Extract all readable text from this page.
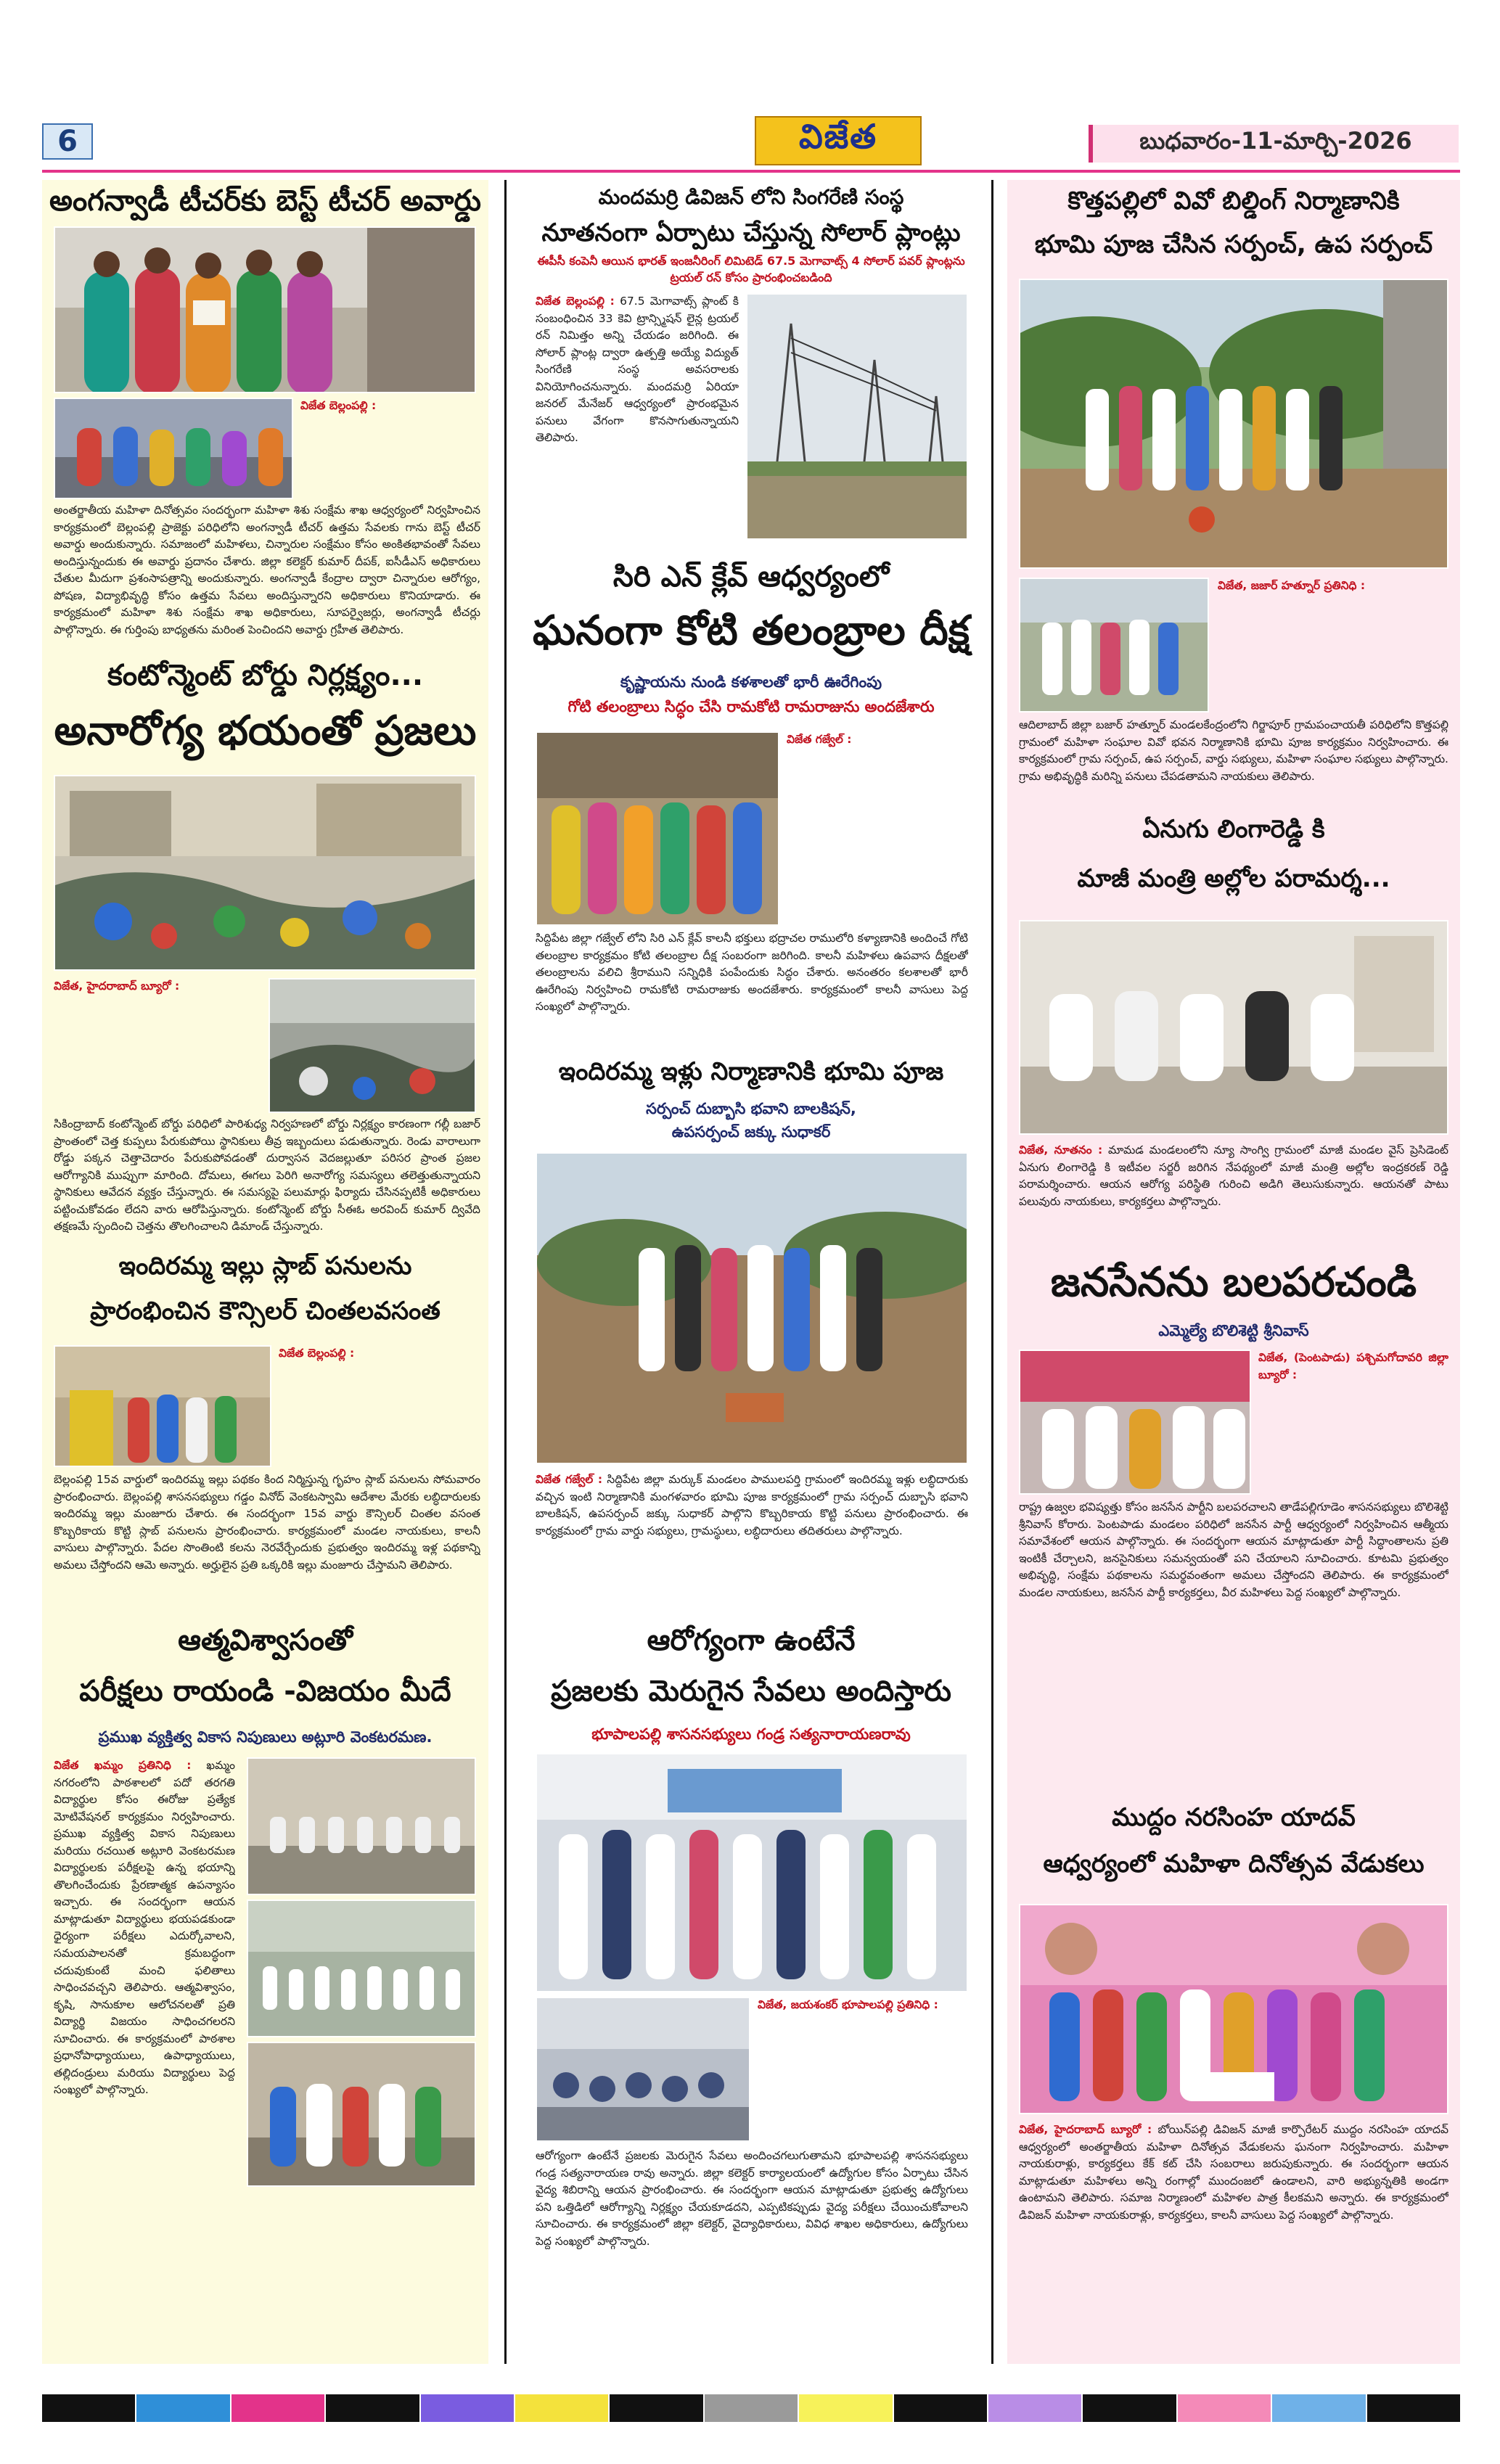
6	విజేత	బుధవారం-11-మార్చి-2026
అంగన్వాడీ టీచర్‌కు బెస్ట్ టీచర్ అవార్డు
విజేత బెల్లంపల్లి :
అంతర్జాతీయ మహిళా దినోత్సవం సందర్భంగా మహిళా శిశు సంక్షేమ శాఖ ఆధ్వర్యంలో నిర్వహించిన కార్యక్రమంలో బెల్లంపల్లి ప్రాజెక్టు పరిధిలోని అంగన్వాడీ టీచర్ ఉత్తమ సేవలకు గాను బెస్ట్ టీచర్ అవార్డు అందుకున్నారు. సమాజంలో మహిళలు, చిన్నారుల సంక్షేమం కోసం అంకితభావంతో సేవలు అందిస్తున్నందుకు ఈ అవార్డు ప్రదానం చేశారు. జిల్లా కలెక్టర్ కుమార్ దీపక్, ఐసీడీఎస్ అధికారులు చేతుల మీదుగా ప్రశంసాపత్రాన్ని అందుకున్నారు. అంగన్వాడీ కేంద్రాల ద్వారా చిన్నారుల ఆరోగ్యం, పోషణ, విద్యాభివృద్ధి కోసం ఉత్తమ సేవలు అందిస్తున్నారని అధికారులు కొనియాడారు. ఈ కార్యక్రమంలో మహిళా శిశు సంక్షేమ శాఖ అధికారులు, సూపర్వైజర్లు, అంగన్వాడీ టీచర్లు పాల్గొన్నారు. ఈ గుర్తింపు బాధ్యతను మరింత పెంచిందని అవార్డు గ్రహీత తెలిపారు.
కంటోన్మెంట్ బోర్డు నిర్లక్ష్యం...
అనారోగ్య భయంతో ప్రజలు
విజేత, హైదరాబాద్ బ్యూరో :
సికింద్రాబాద్ కంటోన్మెంట్ బోర్డు పరిధిలో పారిశుధ్య నిర్వహణలో బోర్డు నిర్లక్ష్యం కారణంగా గల్లీ బజార్ ప్రాంతంలో చెత్త కుప్పలు పేరుకుపోయి స్థానికులు తీవ్ర ఇబ్బందులు పడుతున్నారు. రెండు వారాలుగా రోడ్డు పక్కన చెత్తాచెదారం పేరుకుపోవడంతో దుర్వాసన వెదజల్లుతూ పరిసర ప్రాంత ప్రజల ఆరోగ్యానికి ముప్పుగా మారింది. దోమలు, ఈగలు పెరిగి అనారోగ్య సమస్యలు తలెత్తుతున్నాయని స్థానికులు ఆవేదన వ్యక్తం చేస్తున్నారు. ఈ సమస్యపై పలుమార్లు ఫిర్యాదు చేసినప్పటికీ అధికారులు పట్టించుకోవడం లేదని వారు ఆరోపిస్తున్నారు. కంటోన్మెంట్ బోర్డు సీఈఓ అరవింద్ కుమార్ ద్వివేది తక్షణమే స్పందించి చెత్తను తొలగించాలని డిమాండ్ చేస్తున్నారు.
ఇందిరమ్మ ఇల్లు స్లాబ్ పనులను
ప్రారంభించిన కౌన్సిలర్ చింతలవసంత
విజేత బెల్లంపల్లి :
బెల్లంపల్లి 15వ వార్డులో ఇందిరమ్మ ఇల్లు పథకం కింద నిర్మిస్తున్న గృహం స్లాబ్ పనులను సోమవారం ప్రారంభించారు. బెల్లంపల్లి శాసనసభ్యులు గడ్డం వినోద్ వెంకటస్వామి ఆదేశాల మేరకు లబ్ధిదారులకు ఇందిరమ్మ ఇల్లు మంజూరు చేశారు. ఈ సందర్భంగా 15వ వార్డు కౌన్సిలర్ చింతల వసంత కొబ్బరికాయ కొట్టి స్లాబ్ పనులను ప్రారంభించారు. కార్యక్రమంలో మండల నాయకులు, కాలనీ వాసులు పాల్గొన్నారు. పేదల సొంతింటి కలను నెరవేర్చేందుకు ప్రభుత్వం ఇందిరమ్మ ఇళ్ల పథకాన్ని అమలు చేస్తోందని ఆమె అన్నారు. అర్హులైన ప్రతి ఒక్కరికి ఇల్లు మంజూరు చేస్తామని తెలిపారు.
ఆత్మవిశ్వాసంతో
పరీక్షలు రాయండి -విజయం మీదే
ప్రముఖ వ్యక్తిత్వ వికాస నిపుణులు అట్లూరి వెంకటరమణ.
విజేత ఖమ్మం ప్రతినిధి : ఖమ్మం నగరంలోని పాఠశాలలో పదో తరగతి విద్యార్థుల కోసం ఈరోజు ప్రత్యేక మోటివేషనల్ కార్యక్రమం నిర్వహించారు. ప్రముఖ వ్యక్తిత్వ వికాస నిపుణులు మరియు రచయిత అట్లూరి వెంకటరమణ విద్యార్థులకు పరీక్షలపై ఉన్న భయాన్ని తొలగించేందుకు ప్రేరణాత్మక ఉపన్యాసం ఇచ్చారు. ఈ సందర్భంగా ఆయన మాట్లాడుతూ విద్యార్థులు భయపడకుండా ధైర్యంగా పరీక్షలు ఎదుర్కోవాలని, సమయపాలనతో క్రమబద్ధంగా చదువుకుంటే మంచి ఫలితాలు సాధించవచ్చని తెలిపారు. ఆత్మవిశ్వాసం, కృషి, సానుకూల ఆలోచనలతో ప్రతి విద్యార్థి విజయం సాధించగలరని సూచించారు. ఈ కార్యక్రమంలో పాఠశాల ప్రధానోపాధ్యాయులు, ఉపాధ్యాయులు, తల్లిదండ్రులు మరియు విద్యార్థులు పెద్ద సంఖ్యలో పాల్గొన్నారు.
మందమర్రి డివిజన్ లోని సింగరేణి సంస్థ
నూతనంగా ఏర్పాటు చేస్తున్న సోలార్ ప్లాంట్లు
ఈపీసీ కంపెనీ ఆయిన భారత్ ఇంజనీరింగ్ లిమిటెడ్ 67.5 మెగావాట్స్ 4 సోలార్ పవర్ ప్లాంట్లను ట్రయల్ రన్ కోసం ప్రారంభించబడింది
విజేత బెల్లంపల్లి : 67.5 మెగావాట్స్ ప్లాంట్ కి సంబంధించిన 33 కెవి ట్రాన్స్మిషన్ లైన్ల ట్రయల్ రన్ నిమిత్తం అన్ని చేయడం జరిగింది. ఈ సోలార్ ప్లాంట్ల ద్వారా ఉత్పత్తి అయ్యే విద్యుత్ సింగరేణి సంస్థ అవసరాలకు వినియోగించనున్నారు. మందమర్రి ఏరియా జనరల్ మేనేజర్ ఆధ్వర్యంలో ప్రారంభమైన పనులు వేగంగా కొనసాగుతున్నాయని తెలిపారు.
సిరి ఎన్ క్లేవ్ ఆధ్వర్యంలో
ఘనంగా కోటి తలంబ్రాల దీక్ష
కృష్ణాయను నుండి కళశాలతో భారీ ఊరేగింపు
గోటి తలంబ్రాలు సిద్ధం చేసి రామకోటి రామరాజును అందజేశారు
విజేత గజ్వేల్ :
సిద్దిపేట జిల్లా గజ్వేల్ లోని సిరి ఎన్ క్లేవ్ కాలనీ భక్తులు భద్రాచల రాములోరి కళ్యాణానికి అందించే గోటి తలంబ్రాల కార్యక్రమం కోటి తలంబ్రాల దీక్ష సంబరంగా జరిగింది. కాలనీ మహిళలు ఉపవాస దీక్షలతో తలంబ్రాలను వలిచి శ్రీరాముని సన్నిధికి పంపేందుకు సిద్ధం చేశారు. అనంతరం కలశాలతో భారీ ఊరేగింపు నిర్వహించి రామకోటి రామరాజుకు అందజేశారు. కార్యక్రమంలో కాలనీ వాసులు పెద్ద సంఖ్యలో పాల్గొన్నారు.
ఇందిరమ్మ ఇళ్లు నిర్మాణానికి భూమి పూజ
సర్పంచ్ దుబ్బాసి భవాని బాలకిషన్,
ఉపసర్పంచ్ జక్కు సుధాకర్
విజేత గజ్వేల్ : సిద్దిపేట జిల్లా మర్కుక్ మండలం పాములపర్తి గ్రామంలో ఇందిరమ్మ ఇళ్లు లబ్ధిదారుకు వచ్చిన ఇంటి నిర్మాణానికి మంగళవారం భూమి పూజ కార్యక్రమంలో గ్రామ సర్పంచ్ దుబ్బాసి భవాని బాలకిషన్, ఉపసర్పంచ్ జక్కు సుధాకర్ పాల్గొని కొబ్బరికాయ కొట్టి పనులు ప్రారంభించారు. ఈ కార్యక్రమంలో గ్రామ వార్డు సభ్యులు, గ్రామస్థులు, లబ్ధిదారులు తదితరులు పాల్గొన్నారు.
ఆరోగ్యంగా ఉంటేనే
ప్రజలకు మెరుగైన సేవలు అందిస్తారు
భూపాలపల్లి శాసనసభ్యులు గండ్ర సత్యనారాయణరావు
విజేత, జయశంకర్ భూపాలపల్లి ప్రతినిధి :
ఆరోగ్యంగా ఉంటేనే ప్రజలకు మెరుగైన సేవలు అందించగలుగుతామని భూపాలపల్లి శాసనసభ్యులు గండ్ర సత్యనారాయణ రావు అన్నారు. జిల్లా కలెక్టర్ కార్యాలయంలో ఉద్యోగుల కోసం ఏర్పాటు చేసిన వైద్య శిబిరాన్ని ఆయన ప్రారంభించారు. ఈ సందర్భంగా ఆయన మాట్లాడుతూ ప్రభుత్వ ఉద్యోగులు పని ఒత్తిడిలో ఆరోగ్యాన్ని నిర్లక్ష్యం చేయకూడదని, ఎప్పటికప్పుడు వైద్య పరీక్షలు చేయించుకోవాలని సూచించారు. ఈ కార్యక్రమంలో జిల్లా కలెక్టర్, వైద్యాధికారులు, వివిధ శాఖల అధికారులు, ఉద్యోగులు పెద్ద సంఖ్యలో పాల్గొన్నారు.
కొత్తపల్లిలో వివో బిల్డింగ్ నిర్మాణానికి
భూమి పూజ చేసిన సర్పంచ్, ఉప సర్పంచ్
విజేత, జజార్ హత్నూర్ ప్రతినిధి :
ఆదిలాబాద్ జిల్లా బజార్ హత్నూర్ మండలకేంద్రంలోని గిర్జాపూర్ గ్రామపంచాయతీ పరిధిలోని కొత్తపల్లి గ్రామంలో మహిళా సంఘాల వివో భవన నిర్మాణానికి భూమి పూజ కార్యక్రమం నిర్వహించారు. ఈ కార్యక్రమంలో గ్రామ సర్పంచ్, ఉప సర్పంచ్, వార్డు సభ్యులు, మహిళా సంఘాల సభ్యులు పాల్గొన్నారు. గ్రామ అభివృద్ధికి మరిన్ని పనులు చేపడతామని నాయకులు తెలిపారు.
ఏనుగు లింగారెడ్డి కి
మాజీ మంత్రి అల్లోల పరామర్శ...
విజేత, నూతనం : మామడ మండలంలోని న్యూ సాంగ్వి గ్రామంలో మాజీ మండల వైస్ ప్రెసిడెంట్ ఏనుగు లింగారెడ్డి కి ఇటీవల సర్జరీ జరిగిన నేపథ్యంలో మాజీ మంత్రి అల్లోల ఇంద్రకరణ్ రెడ్డి పరామర్శించారు. ఆయన ఆరోగ్య పరిస్థితి గురించి అడిగి తెలుసుకున్నారు. ఆయనతో పాటు పలువురు నాయకులు, కార్యకర్తలు పాల్గొన్నారు.
జనసేనను బలపరచండి
ఎమ్మెల్యే బొలిశెట్టి శ్రీనివాస్
విజేత, (పెంటపాడు) పశ్చిమగోదావరి జిల్లా బ్యూరో :
రాష్ట్ర ఉజ్వల భవిష్యత్తు కోసం జనసేన పార్టీని బలపరచాలని తాడేపల్లిగూడెం శాసనసభ్యులు బొలిశెట్టి శ్రీనివాస్ కోరారు. పెంటపాడు మండలం పరిధిలో జనసేన పార్టీ ఆధ్వర్యంలో నిర్వహించిన ఆత్మీయ సమావేశంలో ఆయన పాల్గొన్నారు. ఈ సందర్భంగా ఆయన మాట్లాడుతూ పార్టీ సిద్ధాంతాలను ప్రతి ఇంటికీ చేర్చాలని, జనసైనికులు సమన్వయంతో పని చేయాలని సూచించారు. కూటమి ప్రభుత్వం అభివృద్ధి, సంక్షేమ పథకాలను సమర్థవంతంగా అమలు చేస్తోందని తెలిపారు. ఈ కార్యక్రమంలో మండల నాయకులు, జనసేన పార్టీ కార్యకర్తలు, వీర మహిళలు పెద్ద సంఖ్యలో పాల్గొన్నారు.
ముద్దం నరసింహ యాదవ్
ఆధ్వర్యంలో మహిళా దినోత్సవ వేడుకలు
విజేత, హైదరాబాద్ బ్యూరో : బోయిన్‌పల్లి డివిజన్ మాజీ కార్పొరేటర్ ముద్దం నరసింహ యాదవ్ ఆధ్వర్యంలో అంతర్జాతీయ మహిళా దినోత్సవ వేడుకలను ఘనంగా నిర్వహించారు. మహిళా నాయకురాళ్లు, కార్యకర్తలు కేక్ కట్ చేసి సంబరాలు జరుపుకున్నారు. ఈ సందర్భంగా ఆయన మాట్లాడుతూ మహిళలు అన్ని రంగాల్లో ముందంజలో ఉండాలని, వారి అభ్యున్నతికి అండగా ఉంటామని తెలిపారు. సమాజ నిర్మాణంలో మహిళల పాత్ర కీలకమని అన్నారు. ఈ కార్యక్రమంలో డివిజన్ మహిళా నాయకురాళ్లు, కార్యకర్తలు, కాలనీ వాసులు పెద్ద సంఖ్యలో పాల్గొన్నారు.
